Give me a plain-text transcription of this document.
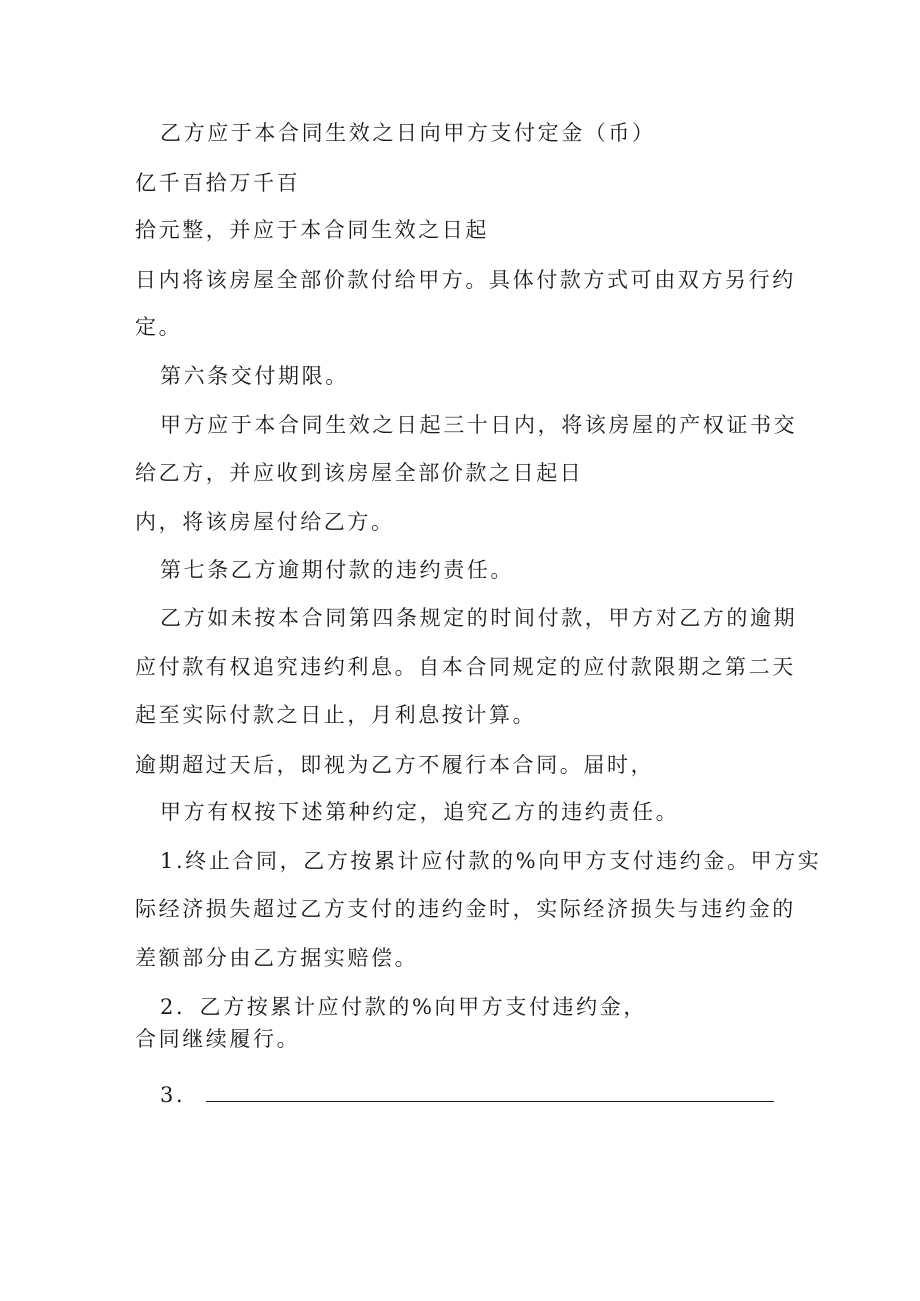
乙方应于本合同生效之日向甲方支付定金（币）
亿千百拾万千百
拾元整，并应于本合同生效之日起
日内将该房屋全部价款付给甲方。具体付款方式可由双方另行约
定。
第六条交付期限。
甲方应于本合同生效之日起三十日内，将该房屋的产权证书交
给乙方，并应收到该房屋全部价款之日起日
内，将该房屋付给乙方。
第七条乙方逾期付款的违约责任。
乙方如未按本合同第四条规定的时间付款，甲方对乙方的逾期
应付款有权追究违约利息。自本合同规定的应付款限期之第二天
起至实际付款之日止，月利息按计算。
逾期超过天后，即视为乙方不履行本合同。届时，
甲方有权按下述第种约定，追究乙方的违约责任。
1.终止合同，乙方按累计应付款的%向甲方支付违约金。甲方实
际经济损失超过乙方支付的违约金时，实际经济损失与违约金的
差额部分由乙方据实赔偿。
2．乙方按累计应付款的%向甲方支付违约金，
合同继续履行。
3．
